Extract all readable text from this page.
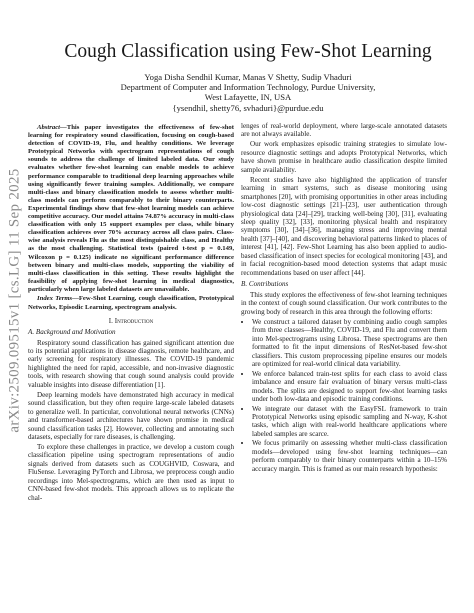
arXiv:2509.09515v1 [cs.LG] 11 Sep 2025
Cough Classification using Few-Shot Learning
Yoga Disha Sendhil Kumar, Manas V Shetty, Sudip Vhaduri
Department of Computer and Information Technology, Purdue University,
West Lafayette, IN, USA
{ysendhil, shetty76, svhaduri}@purdue.edu

Abstract—This paper investigates the effectiveness of few-shot learning for respiratory sound classification, focusing on cough-based detection of COVID-19, Flu, and healthy conditions. We leverage Prototypical Networks with spectrogram representations of cough sounds to address the challenge of limited labeled data. Our study evaluates whether few-shot learning can enable models to achieve performance comparable to traditional deep learning approaches while using significantly fewer training samples. Additionally, we compare multi-class and binary classification models to assess whether multi-class models can perform comparably to their binary counterparts. Experimental findings show that few-shot learning models can achieve competitive accuracy. Our model attains 74.87% accuracy in multi-class classification with only 15 support examples per class, while binary classification achieves over 70% accuracy across all class pairs. Class-wise analysis reveals Flu as the most distinguishable class, and Healthy as the most challenging. Statistical tests (paired t-test p = 0.149, Wilcoxon p = 0.125) indicate no significant performance difference between binary and multi-class models, supporting the viability of multi-class classification in this setting. These results highlight the feasibility of applying few-shot learning in medical diagnostics, particularly when large labeled datasets are unavailable.

Index Terms—Few-Shot Learning, cough classification, Prototypical Networks, Episodic Learning, spectrogram analysis.

I. Introduction
A. Background and Motivation

Respiratory sound classification has gained significant attention due to its potential applications in disease diagnosis, remote healthcare, and early screening for respiratory illnesses. The COVID-19 pandemic highlighted the need for rapid, accessible, and non-invasive diagnostic tools, with research showing that cough sound analysis could provide valuable insights into disease differentiation [1].

Deep learning models have demonstrated high accuracy in medical sound classification, but they often require large-scale labeled datasets to generalize well. In particular, convolutional neural networks (CNNs) and transformer-based architectures have shown promise in medical sound classification tasks [2]. However, collecting and annotating such datasets, especially for rare diseases, is challenging.

To explore these challenges in practice, we develop a custom cough classification pipeline using spectrogram representations of audio signals derived from datasets such as COUGHVID, Coswara, and FluSense. Leveraging PyTorch and Librosa, we preprocess cough audio recordings into Mel-spectrograms, which are then used as input to CNN-based few-shot models. This approach allows us to replicate the chal-

lenges of real-world deployment, where large-scale annotated datasets are not always available.

Our work emphasizes episodic training strategies to simulate low-resource diagnostic settings and adopts Prototypical Networks, which have shown promise in healthcare audio classification despite limited sample availability.

Recent studies have also highlighted the application of transfer learning in smart systems, such as disease monitoring using smartphones [20], with promising opportunities in other areas including low-cost diagnostic settings [21]–[23], user authentication through physiological data [24]–[29], tracking well-being [30], [31], evaluating sleep quality [32], [33], monitoring physical health and respiratory symptoms [30], [34]–[36], managing stress and improving mental health [37]–[40], and discovering behavioral patterns linked to places of interest [41], [42]. Few-Shot Learning has also been applied to audio-based classification of insect species for ecological monitoring [43], and in facial recognition-based mood detection systems that adapt music recommendations based on user affect [44].

B. Contributions

This study explores the effectiveness of few-shot learning techniques in the context of cough sound classification. Our work contributes to the growing body of research in this area through the following efforts:

• We construct a tailored dataset by combining audio cough samples from three classes—Healthy, COVID-19, and Flu and convert them into Mel-spectrograms using Librosa. These spectrograms are then formatted to fit the input dimensions of ResNet-based few-shot classifiers. This custom preprocessing pipeline ensures our models are optimized for real-world clinical data variability.
• We enforce balanced train-test splits for each class to avoid class imbalance and ensure fair evaluation of binary versus multi-class models. The splits are designed to support few-shot learning tasks under both low-data and episodic training conditions.
• We integrate our dataset with the EasyFSL framework to train Prototypical Networks using episodic sampling and N-way, K-shot tasks, which align with real-world healthcare applications where labeled samples are scarce.
• We focus primarily on assessing whether multi-class classification models—developed using few-shot learning techniques—can perform comparably to their binary counterparts within a 10–15% accuracy margin. This is framed as our main research hypothesis:
